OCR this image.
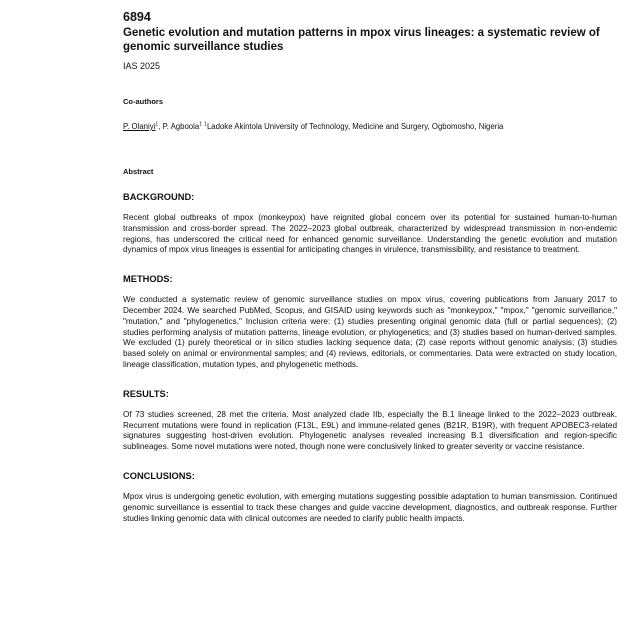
6894

Genetic evolution and mutation patterns in mpox virus lineages: a systematic review of genomic surveillance studies

IAS 2025

Co-authors

P. Olaniyi$^1$, P. Agboola$^1$ $^1$Ladoke Akintola University of Technology, Medicine and Surgery, Ogbomosho, Nigeria

Abstract

BACKGROUND:

Recent global outbreaks of mpox (monkeypox) have reignited global concern over its potential for sustained human-to-human transmission and cross-border spread. The 2022–2023 global outbreak, characterized by widespread transmission in non-endemic regions, has underscored the critical need for enhanced genomic surveillance. Understanding the genetic evolution and mutation dynamics of mpox virus lineages is essential for anticipating changes in virulence, transmissibility, and resistance to treatment.

METHODS:

We conducted a systematic review of genomic surveillance studies on mpox virus, covering publications from January 2017 to December 2024. We searched PubMed, Scopus, and GISAID using keywords such as "monkeypox," "mpox," "genomic surveillance," "mutation," and "phylogenetics." Inclusion criteria were: (1) studies presenting original genomic data (full or partial sequences); (2) studies performing analysis of mutation patterns, lineage evolution, or phylogenetics; and (3) studies based on human-derived samples. We excluded (1) purely theoretical or in silico studies lacking sequence data; (2) case reports without genomic analysis; (3) studies based solely on animal or environmental samples; and (4) reviews, editorials, or commentaries. Data were extracted on study location, lineage classification, mutation types, and phylogenetic methods.

RESULTS:

Of 73 studies screened, 28 met the criteria. Most analyzed clade IIb, especially the B.1 lineage linked to the 2022–2023 outbreak. Recurrent mutations were found in replication (F13L, E9L) and immune-related genes (B21R, B19R), with frequent APOBEC3-related signatures suggesting host-driven evolution. Phylogenetic analyses revealed increasing B.1 diversification and region-specific sublineages. Some novel mutations were noted, though none were conclusively linked to greater severity or vaccine resistance.

CONCLUSIONS:

Mpox virus is undergoing genetic evolution, with emerging mutations suggesting possible adaptation to human transmission. Continued genomic surveillance is essential to track these changes and guide vaccine development, diagnostics, and outbreak response. Further studies linking genomic data with clinical outcomes are needed to clarify public health impacts.
